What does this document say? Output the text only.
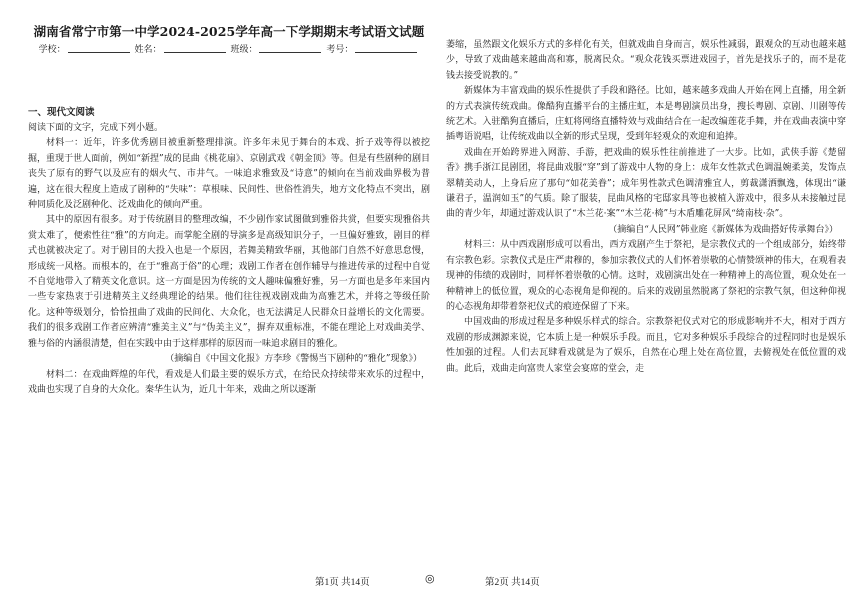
湖南省常宁市第一中学2024-2025学年高一下学期期末考试语文试题
学校：	姓名：	班级：	考号：
一、现代文阅读

阅读下面的文字，完成下列小题。

材料一：近年，许多优秀剧目被重新整理排演。许多年未见于舞台的本戏、折子戏等得以被挖掘，重现于世人面前，例如“新捏”成的昆曲《桃花扇》、京剧武戏《朝金顶》等。但是有些剧种的剧目丧失了原有的野气以及应有的烟火气、市井气。一味追求雅致及“诗意”的倾向在当前戏曲界极为普遍，这在很大程度上造成了剧种的“失味”：草根味、民间性、世俗性消失，地方文化特点不突出，剧种同质化及泛剧种化、泛戏曲化的倾向严重。

其中的原因有很多。对于传统剧目的整理改编，不少剧作家试图做到雅俗共赏，但要实现雅俗共赏太难了，便索性往“雅”的方向走。而掌舵全剧的导演多是高级知识分子，一旦偏好雅致，剧目的样式也就被决定了。对于剧目的大投入也是一个原因，若舞美精致华丽，其他部门自然不好意思怠慢，形成统一风格。而根本的，在于“雅高于俗”的心理；戏剧工作者在创作辅导与推进传承的过程中自觉不自觉地带入了精英文化意识。这一方面是因为传统的文人趣味偏雅好雅，另一方面也是多年来国内一些专家热衷于引进精英主义经典理论的结果。他们往往视戏剧戏曲为高雅艺术，并将之等级任阶化。这种等级划分，恰恰扭曲了戏曲的民间化、大众化，也无法满足人民群众日益增长的文化需要。我们的很多戏剧工作者应辨清“雅美主义”与“伪美主义”，摒弃双重标准，不能在理论上对戏曲美学、雅与俗的内涵很清楚，但在实践中由于这样那样的原因而一味追求剧目的雅化。

（摘编自《中国文化报》方李珍《警惕当下剧种的“雅化”现象》）

材料二：在戏曲辉煌的年代，看戏是人们最主要的娱乐方式，在给民众持续带来欢乐的过程中，戏曲也实现了自身的大众化。秦华生认为，近几十年来，戏曲之所以逐渐

第1页 共14页	◎

萎缩，虽然跟文化娱乐方式的多样化有关，但就戏曲自身而言，娱乐性减弱，跟观众的互动也越来越少，导致了戏曲越来越曲高和寡，脱离民众。“观众花钱买票进戏园子，首先是找乐子的，而不是花钱去接受说教的。”

新媒体为丰富戏曲的娱乐性提供了手段和路径。比如，越来越多戏曲人开始在网上直播，用全新的方式表演传统戏曲。像酷狗直播平台的主播庄虹，本是粤剧演员出身，搜长粤剧、京剧、川剧等传统艺术。入驻酷狗直播后，庄虹将网络直播特效与戏曲结合在一起改编莲花手舞，并在戏曲表演中穿插粤语说唱，让传统戏曲以全新的形式呈现，受到年轻观众的欢迎和追捧。

戏曲在开始跨界进入网游、手游，把戏曲的娱乐性往前推进了一大步。比如，武侠手游《楚留香》携手浙江昆剧团，将昆曲戏服“穿”到了游戏中人物的身上：成年女性款式色调温婉柔美，发饰点翠精美动人，上身后应了那句“如花美眷”；成年男性款式色调清雅宜人，剪裁潇洒飘逸，体现出“谦谦君子，温润如玉”的气质。除了服装，昆曲风格的宅邸家具等也被植入游戏中，很多从未接触过昆曲的青少年，却通过游戏认识了“木兰花·案”“木兰花·椅”与木盾雕花屏风“绮南枝·杂”。

（摘编自“人民网”韩业庭《新媒体为戏曲搭好传承舞台》）

材料三：从中西戏剧形成可以看出，西方戏剧产生于祭祀，是宗教仪式的一个组成部分，始终带有宗教色彩。宗教仪式是庄严肃穆的，参加宗教仪式的人们怀着崇敬的心情赞颂神的伟大，在观看表现神的伟绩的戏剧时，同样怀着崇敬的心情。这时，戏剧演出处在一种精神上的高位置，观众处在一种精神上的低位置，观众的心态视角是仰视的。后来的戏剧虽然脱离了祭祀的宗教气氛，但这种仰视的心态视角却带着祭祀仪式的痕迹保留了下来。

中国戏曲的形成过程是多种娱乐样式的综合。宗教祭祀仪式对它的形成影响并不大，相对于西方戏剧的形成渊源来说，它本质上是一种娱乐手段。而且，它对多种娱乐手段综合的过程同时也是娱乐性加强的过程。人们去瓦肆看戏就是为了娱乐，自然在心理上处在高位置，去俯视处在低位置的戏曲。此后，戏曲走向富贵人家堂会宴席的堂会，走

第2页 共14页
